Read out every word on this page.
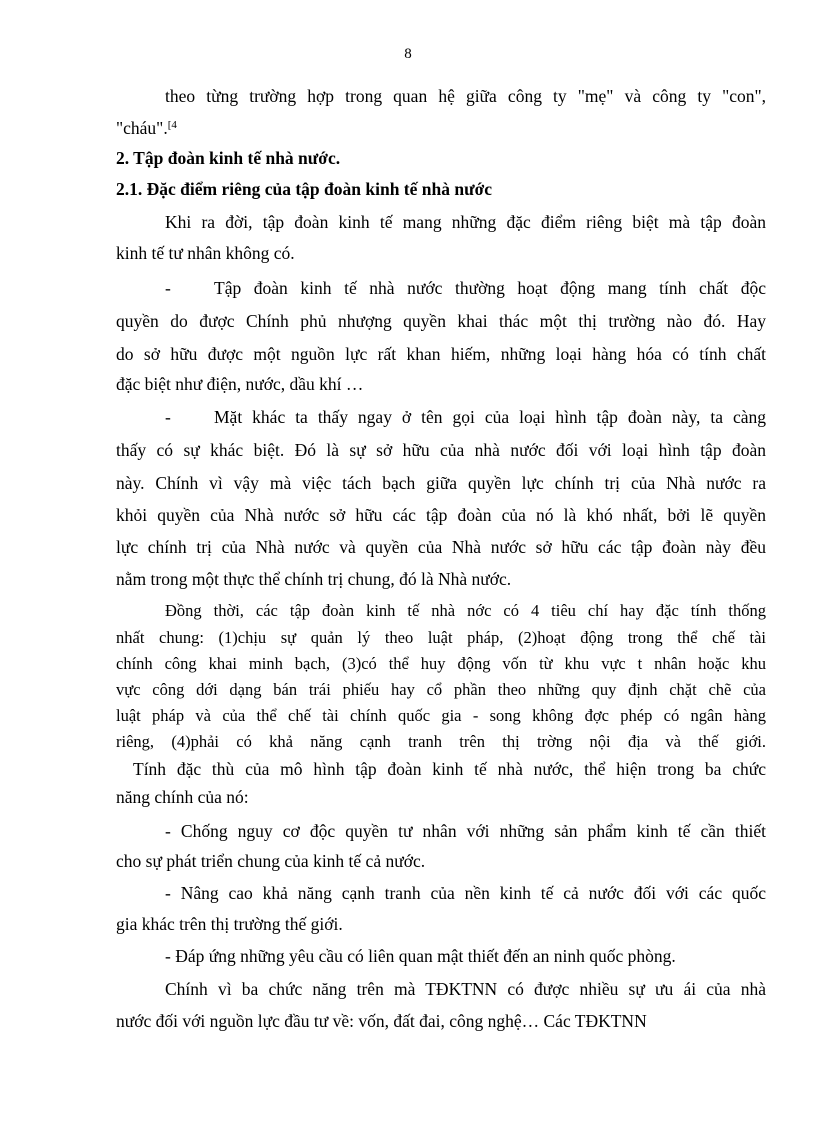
8
theo từng trường hợp trong quan hệ giữa công ty "mẹ" và công ty "con",
"cháu".$^{[4}$
2. Tập đoàn kinh tế nhà nước.
2.1. Đặc điểm riêng của tập đoàn kinh tế nhà nước
Khi ra đời, tập đoàn kinh tế mang những đặc điểm riêng biệt mà tập đoàn
kinh tế tư nhân không có.
- Tập đoàn kinh tế nhà nước thường hoạt động mang tính chất độc
quyền do được Chính phủ nhượng quyền khai thác một thị trường nào đó. Hay
do sở hữu được một nguồn lực rất khan hiếm, những loại hàng hóa có tính chất
đặc biệt như điện, nước, dầu khí …
- Mặt khác ta thấy ngay ở tên gọi của loại hình tập đoàn này, ta càng
thấy có sự khác biệt. Đó là sự sở hữu của nhà nước đối với loại hình tập đoàn
này. Chính vì vậy mà việc tách bạch giữa quyền lực chính trị của Nhà nước ra
khỏi quyền của Nhà nước sở hữu các tập đoàn của nó là khó nhất, bởi lẽ quyền
lực chính trị của Nhà nước và quyền của Nhà nước sở hữu các tập đoàn này đều
nằm trong một thực thể chính trị chung, đó là Nhà nước.
Đồng thời, các tập đoàn kinh tế nhà nớc có 4 tiêu chí hay đặc tính thống
nhất chung: (1)chịu sự quản lý theo luật pháp, (2)hoạt động trong thể chế tài
chính công khai minh bạch, (3)có thể huy động vốn từ khu vực t nhân hoặc khu
vực công dới dạng bán trái phiếu hay cổ phần theo những quy định chặt chẽ của
luật pháp và của thể chế tài chính quốc gia - song không đợc phép có ngân hàng
riêng, (4)phải có khả năng cạnh tranh trên thị trờng nội địa và thế giới.
Tính đặc thù của mô hình tập đoàn kinh tế nhà nước, thể hiện trong ba chức
năng chính của nó:
- Chống nguy cơ độc quyền tư nhân với những sản phẩm kinh tế cần thiết
cho sự phát triển chung của kinh tế cả nước.
- Nâng cao khả năng cạnh tranh của nền kinh tế cả nước đối với các quốc
gia khác trên thị trường thế giới.
- Đáp ứng những yêu cầu có liên quan mật thiết đến an ninh quốc phòng.
Chính vì ba chức năng trên mà TĐKTNN có được nhiều sự ưu ái của nhà
nước đối với nguồn lực đầu tư về: vốn, đất đai, công nghệ… Các TĐKTNN
